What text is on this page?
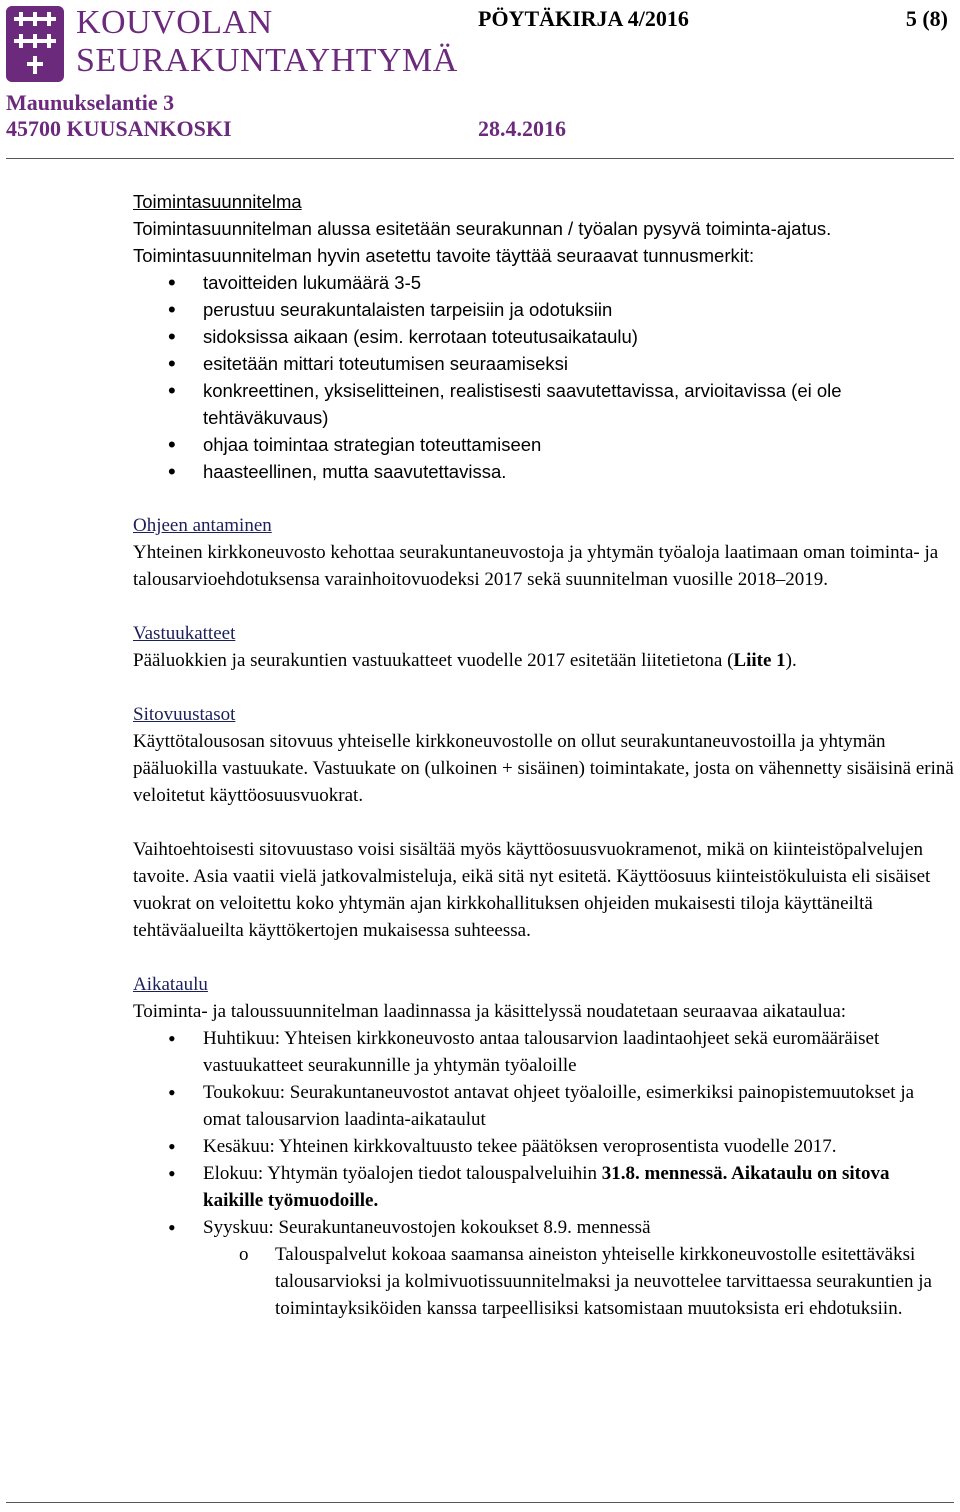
KOUVOLAN
SEURAKUNTAYHTYMÄ
PÖYTÄKIRJA 4/2016	5 (8)
Maunukselantie 3
45700 KUUSANKOSKI	28.4.2016

Toimintasuunnitelma

Toimintasuunnitelman alussa esitetään seurakunnan / työalan pysyvä toiminta-ajatus.

Toimintasuunnitelman hyvin asetettu tavoite täyttää seuraavat tunnusmerkit:

• tavoitteiden lukumäärä 3-5
• perustuu seurakuntalaisten tarpeisiin ja odotuksiin
• sidoksissa aikaan (esim. kerrotaan toteutusaikataulu)
• esitetään mittari toteutumisen seuraamiseksi
• konkreettinen, yksiselitteinen, realistisesti saavutettavissa, arvioitavissa (ei ole tehtäväkuvaus)
• ohjaa toimintaa strategian toteuttamiseen
• haasteellinen, mutta saavutettavissa.

Ohjeen antaminen

Yhteinen kirkkoneuvosto kehottaa seurakuntaneuvostoja ja yhtymän työaloja laatimaan oman toiminta- ja talousarvioehdotuksensa varainhoitovuodeksi 2017 sekä suunnitelman vuosille 2018–2019.

Vastuukatteet

Pääluokkien ja seurakuntien vastuukatteet vuodelle 2017 esitetään liitetietona (Liite 1).

Sitovuustasot

Käyttötalousosan sitovuus yhteiselle kirkkoneuvostolle on ollut seurakuntaneuvostoilla ja yhtymän pääluokilla vastuukate. Vastuukate on (ulkoinen + sisäinen) toimintakate, josta on vähennetty sisäisinä erinä veloitetut käyttöosuusvuokrat.

Vaihtoehtoisesti sitovuustaso voisi sisältää myös käyttöosuusvuokramenot, mikä on kiinteistöpalvelujen tavoite. Asia vaatii vielä jatkovalmisteluja, eikä sitä nyt esitetä. Käyttöosuus kiinteistökuluista eli sisäiset vuokrat on veloitettu koko yhtymän ajan kirkkohallituksen ohjeiden mukaisesti tiloja käyttäneiltä tehtäväalueilta käyttökertojen mukaisessa suhteessa.

Aikataulu

Toiminta- ja taloussuunnitelman laadinnassa ja käsittelyssä noudatetaan seuraavaa aikataulua:

• Huhtikuu: Yhteisen kirkkoneuvosto antaa talousarvion laadintaohjeet sekä euromääräiset vastuukatteet seurakunnille ja yhtymän työaloille
• Toukokuu: Seurakuntaneuvostot antavat ohjeet työaloille, esimerkiksi painopistemuutokset ja omat talousarvion laadinta-aikataulut
• Kesäkuu: Yhteinen kirkkovaltuusto tekee päätöksen veroprosentista vuodelle 2017.
• Elokuu: Yhtymän työalojen tiedot talouspalveluihin 31.8. mennessä. Aikataulu on sitova kaikille työmuodoille.
• Syyskuu: Seurakuntaneuvostojen kokoukset 8.9. mennessä
o Talouspalvelut kokoaa saamansa aineiston yhteiselle kirkkoneuvostolle esitettäväksi talousarvioksi ja kolmivuotissuunnitelmaksi ja neuvottelee tarvittaessa seurakuntien ja toimintayksiköiden kanssa tarpeellisiksi katsomistaan muutoksista eri ehdotuksiin.
